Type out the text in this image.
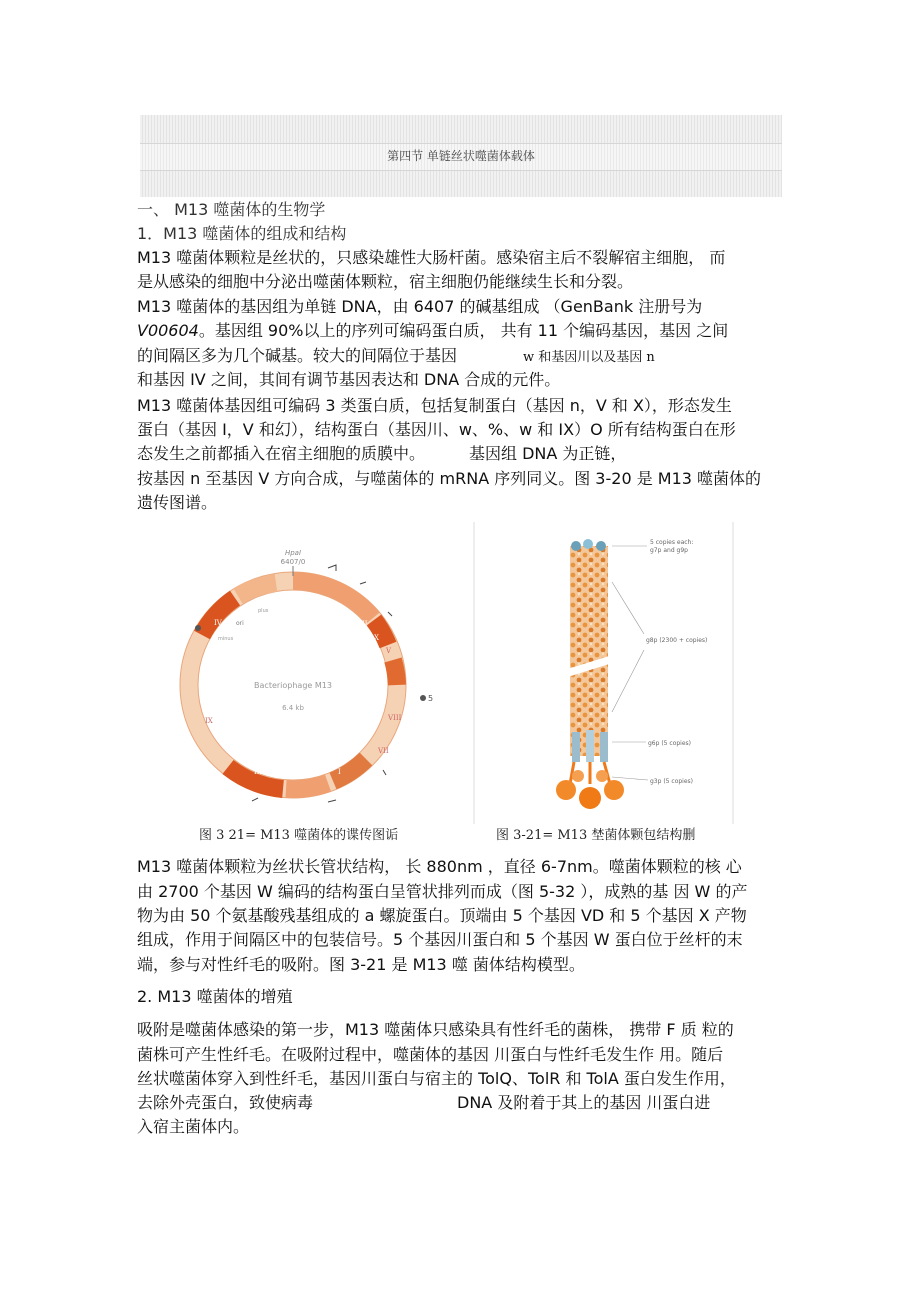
第四节 单链丝状噬菌体载体
一、 M13 噬菌体的生物学
1．M13 噬菌体的组成和结构
M13 噬菌体颗粒是丝状的，只感染雄性大肠杆菌。感染宿主后不裂解宿主细胞， 而
是从感染的细胞中分泌出噬菌体颗粒，宿主细胞仍能继续生长和分裂。
M13 噬菌体的基因组为单链 DNA，由 6407 的碱基组成 （GenBank 注册号为
V00604。基因组 90%以上的序列可编码蛋白质， 共有 11 个编码基因，基因 之间
的间隔区多为几个碱基。较大的间隔位于基因	w 和基因川以及基因 n
和基因 IV 之间，其间有调节基因表达和 DNA 合成的元件。
M13 噬菌体基因组可编码 3 类蛋白质，包括复制蛋白（基因 n，V 和 X），形态发生
蛋白（基因 I，V 和幻），结构蛋白（基因川、w、%、w 和 IX）O 所有结构蛋白在形
态发生之前都插入在宿主细胞的质膜中。	基因组 DNA 为正链，
按基因 n 至基因 V 方向合成，与噬菌体的 mRNA 序列同义。图 3-20 是 M13 噬菌体的
遗传图谱。
HpaI
6407/0
Bacteriophage M13
6.4 kb
X
II
VI	I
IV
III
V
VII
IX	VIII
ori
plus
minus
5
5 copies each:
g7p and g9p
g8p (2300 + copies)
g6p (5 copies)
g3p (5 copies)
图 3 21= M13 噬菌体的谍传图诟	图 3-21= M13 埜菌体颗包结构删
M13 噬菌体颗粒为丝状长管状结构， 长 880nm ，直径 6-7nm。噬菌体颗粒的核 心
由 2700 个基因 W 编码的结构蛋白呈管状排列而成（图 5-32 ），成熟的基 因 W 的产
物为由 50 个氨基酸残基组成的 a 螺旋蛋白。顶端由 5 个基因 VD 和 5 个基因 X 产物
组成，作用于间隔区中的包装信号。5 个基因川蛋白和 5 个基因 W 蛋白位于丝杆的末
端，参与对性纤毛的吸附。图 3-21 是 M13 噬 菌体结构模型。
2. M13 噬菌体的增殖
吸附是噬菌体感染的第一步，M13 噬菌体只感染具有性纤毛的菌株， 携带 F 质 粒的
菌株可产生性纤毛。在吸附过程中，噬菌体的基因 川蛋白与性纤毛发生作 用。随后
丝状噬菌体穿入到性纤毛，基因川蛋白与宿主的 TolQ、TolR 和 TolA 蛋白发生作用，
去除外壳蛋白，致使病毒	DNA 及附着于其上的基因 川蛋白进
入宿主菌体内。
